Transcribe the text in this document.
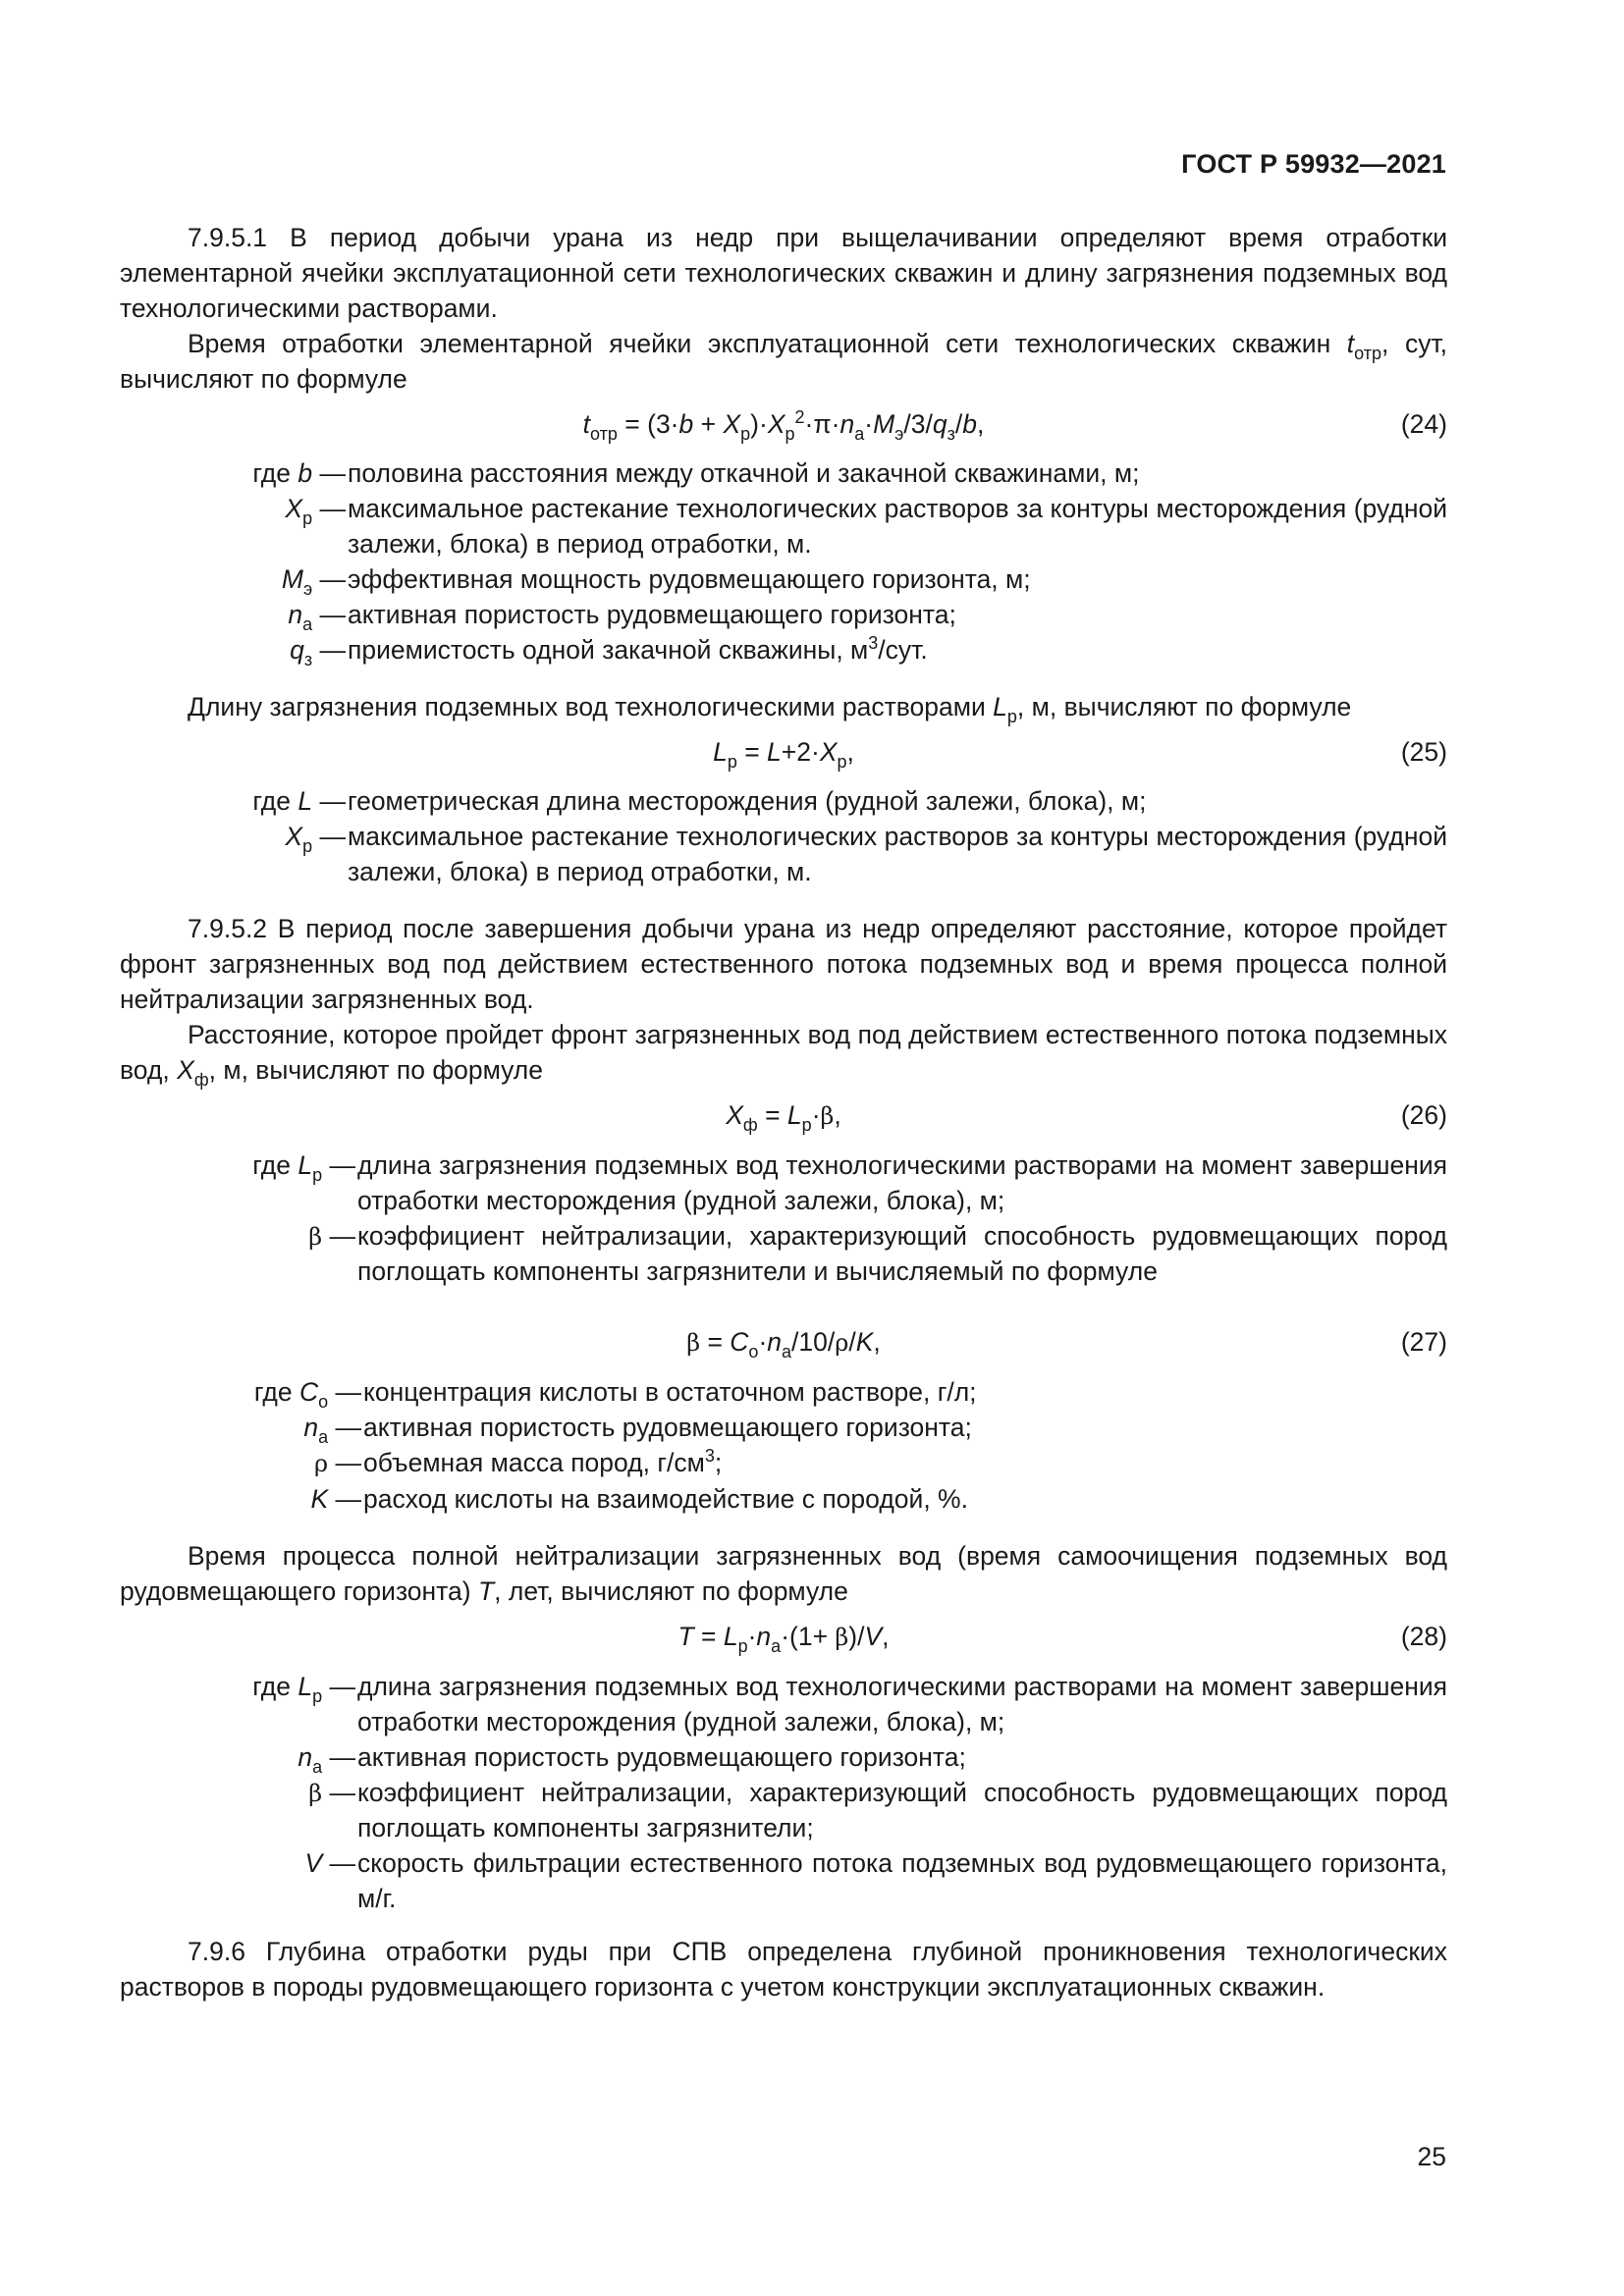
ГОСТ Р 59932—2021

7.9.5.1 В период добычи урана из недр при выщелачивании определяют время отработки элементарной ячейки эксплуатационной сети технологических скважин и длину загрязнения подземных вод технологическими растворами.

Время отработки элементарной ячейки эксплуатационной сети технологических скважин $t_{отр}$, сут, вычисляют по формуле

$t_{отр} = (3\cdot b + X_р)\cdot X_р^2\cdot\pi\cdot n_а\cdot M_э/3/q_з/b$,	(24)
где b — половина расстояния между откачной и закачной скважинами, м;
$X_р$ — максимальное растекание технологических растворов за контуры месторождения (рудной залежи, блока) в период отработки, м.
$M_э$ — эффективная мощность рудовмещающего горизонта, м;
$n_а$ — активная пористость рудовмещающего горизонта;
$q_з$ — приемистость одной закачной скважины, $м^3$/сут.

Длину загрязнения подземных вод технологическими растворами $L_р$, м, вычисляют по формуле

$L_р = L+2\cdot X_р$,	(25)
где L — геометрическая длина месторождения (рудной залежи, блока), м;
$X_р$ — максимальное растекание технологических растворов за контуры месторождения (рудной залежи, блока) в период отработки, м.

7.9.5.2 В период после завершения добычи урана из недр определяют расстояние, которое пройдет фронт загрязненных вод под действием естественного потока подземных вод и время процесса полной нейтрализации загрязненных вод.

Расстояние, которое пройдет фронт загрязненных вод под действием естественного потока подземных вод, $X_ф$, м, вычисляют по формуле

$X_ф = L_р\cdot\beta$,	(26)
где $L_р$ — длина загрязнения подземных вод технологическими растворами на момент завершения отработки месторождения (рудной залежи, блока), м;
β — коэффициент нейтрализации, характеризующий способность рудовмещающих пород поглощать компоненты загрязнители и вычисляемый по формуле
$\beta = C_о\cdot n_а/10/\rho/K$,	(27)
где $C_о$ — концентрация кислоты в остаточном растворе, г/л;
$n_а$ — активная пористость рудовмещающего горизонта;
ρ — объемная масса пород, $г/см^3$;
K — расход кислоты на взаимодействие с породой, %.

Время процесса полной нейтрализации загрязненных вод (время самоочищения подземных вод рудовмещающего горизонта) T, лет, вычисляют по формуле

$T = L_р\cdot n_а\cdot(1+ \beta)/V$,	(28)
где $L_р$ — длина загрязнения подземных вод технологическими растворами на момент завершения отработки месторождения (рудной залежи, блока), м;
$n_а$ — активная пористость рудовмещающего горизонта;
β — коэффициент нейтрализации, характеризующий способность рудовмещающих пород поглощать компоненты загрязнители;
V — скорость фильтрации естественного потока подземных вод рудовмещающего горизонта, м/г.

7.9.6 Глубина отработки руды при СПВ определена глубиной проникновения технологических растворов в породы рудовмещающего горизонта с учетом конструкции эксплуатационных скважин.

25
